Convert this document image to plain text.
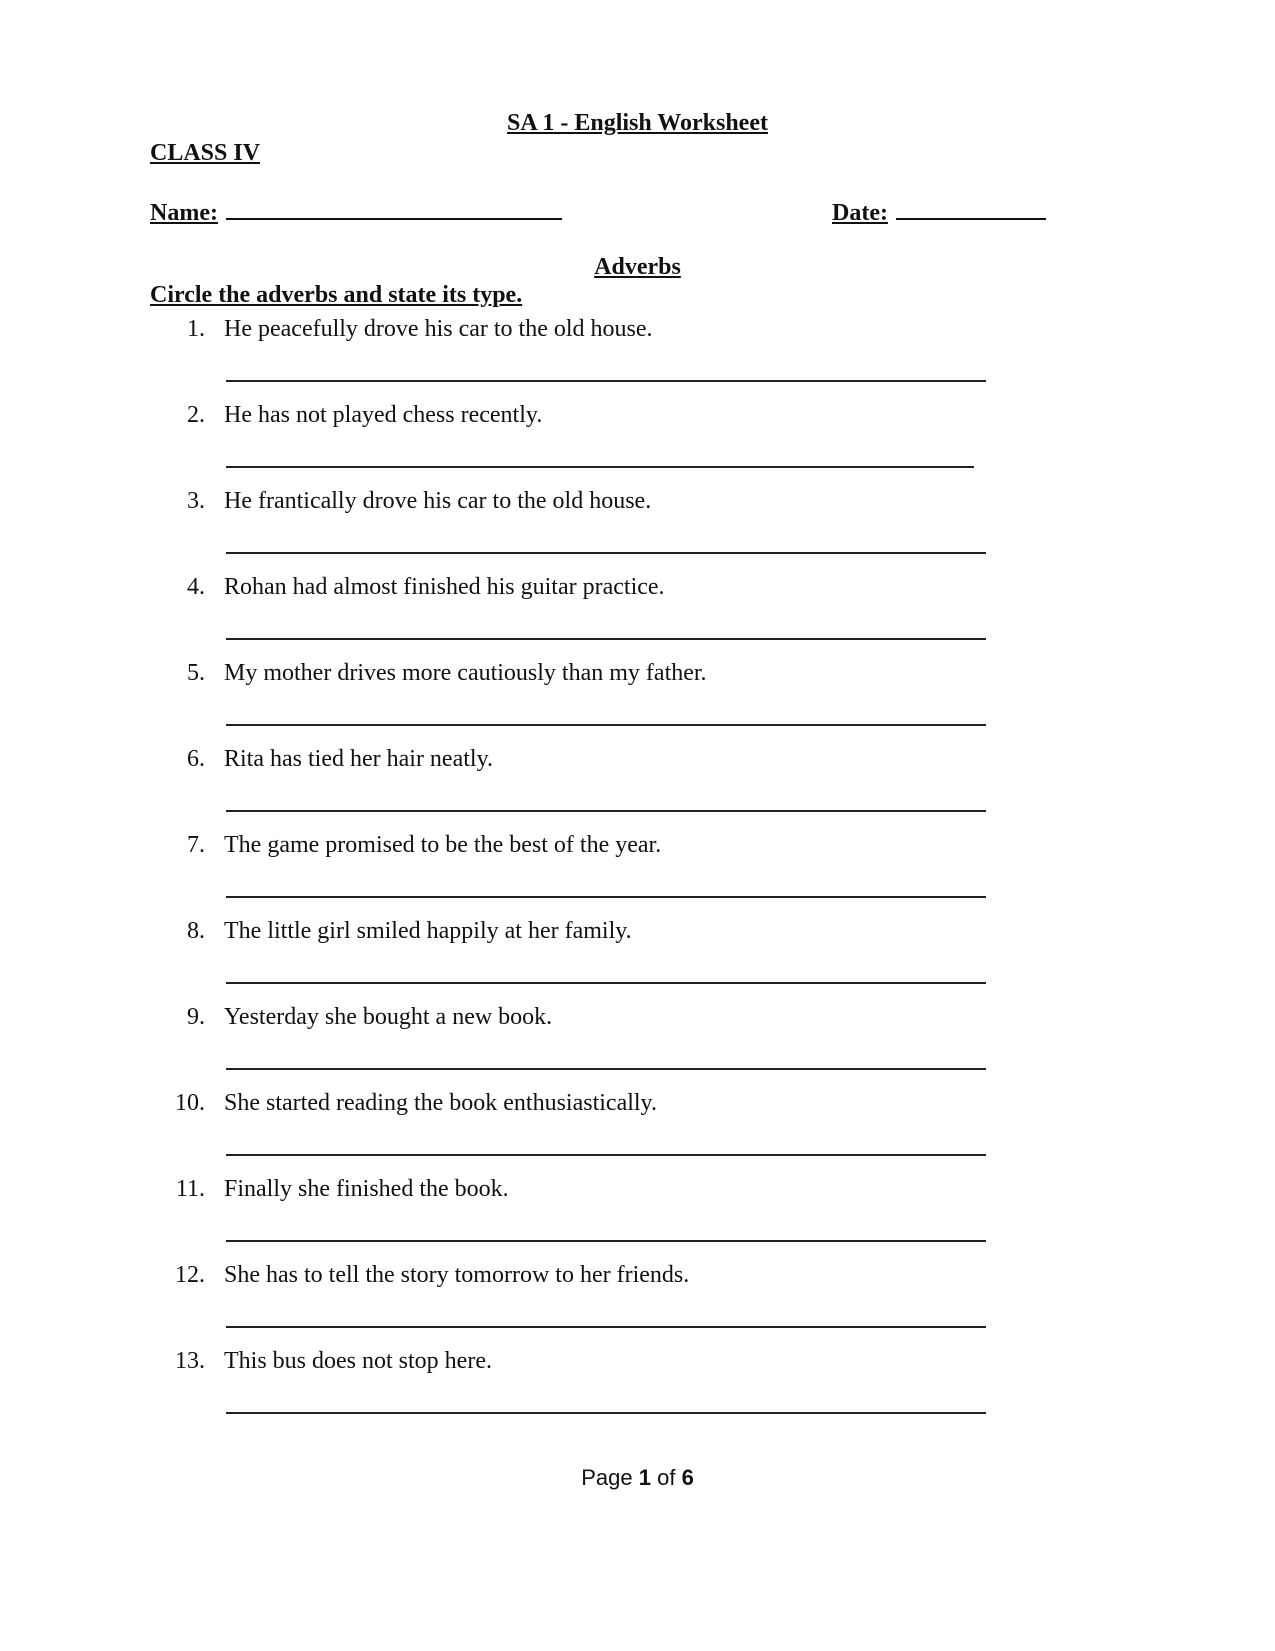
SA 1 - English Worksheet
CLASS IV
Name:	Date:
Adverbs
Circle the adverbs and state its type.
1. He peacefully drove his car to the old house.
2. He has not played chess recently.
3. He frantically drove his car to the old house.
4. Rohan had almost finished his guitar practice.
5. My mother drives more cautiously than my father.
6. Rita has tied her hair neatly.
7. The game promised to be the best of the year.
8. The little girl smiled happily at her family.
9. Yesterday she bought a new book.
10. She started reading the book enthusiastically.
11. Finally she finished the book.
12. She has to tell the story tomorrow to her friends.
13. This bus does not stop here.
Page 1 of 6
